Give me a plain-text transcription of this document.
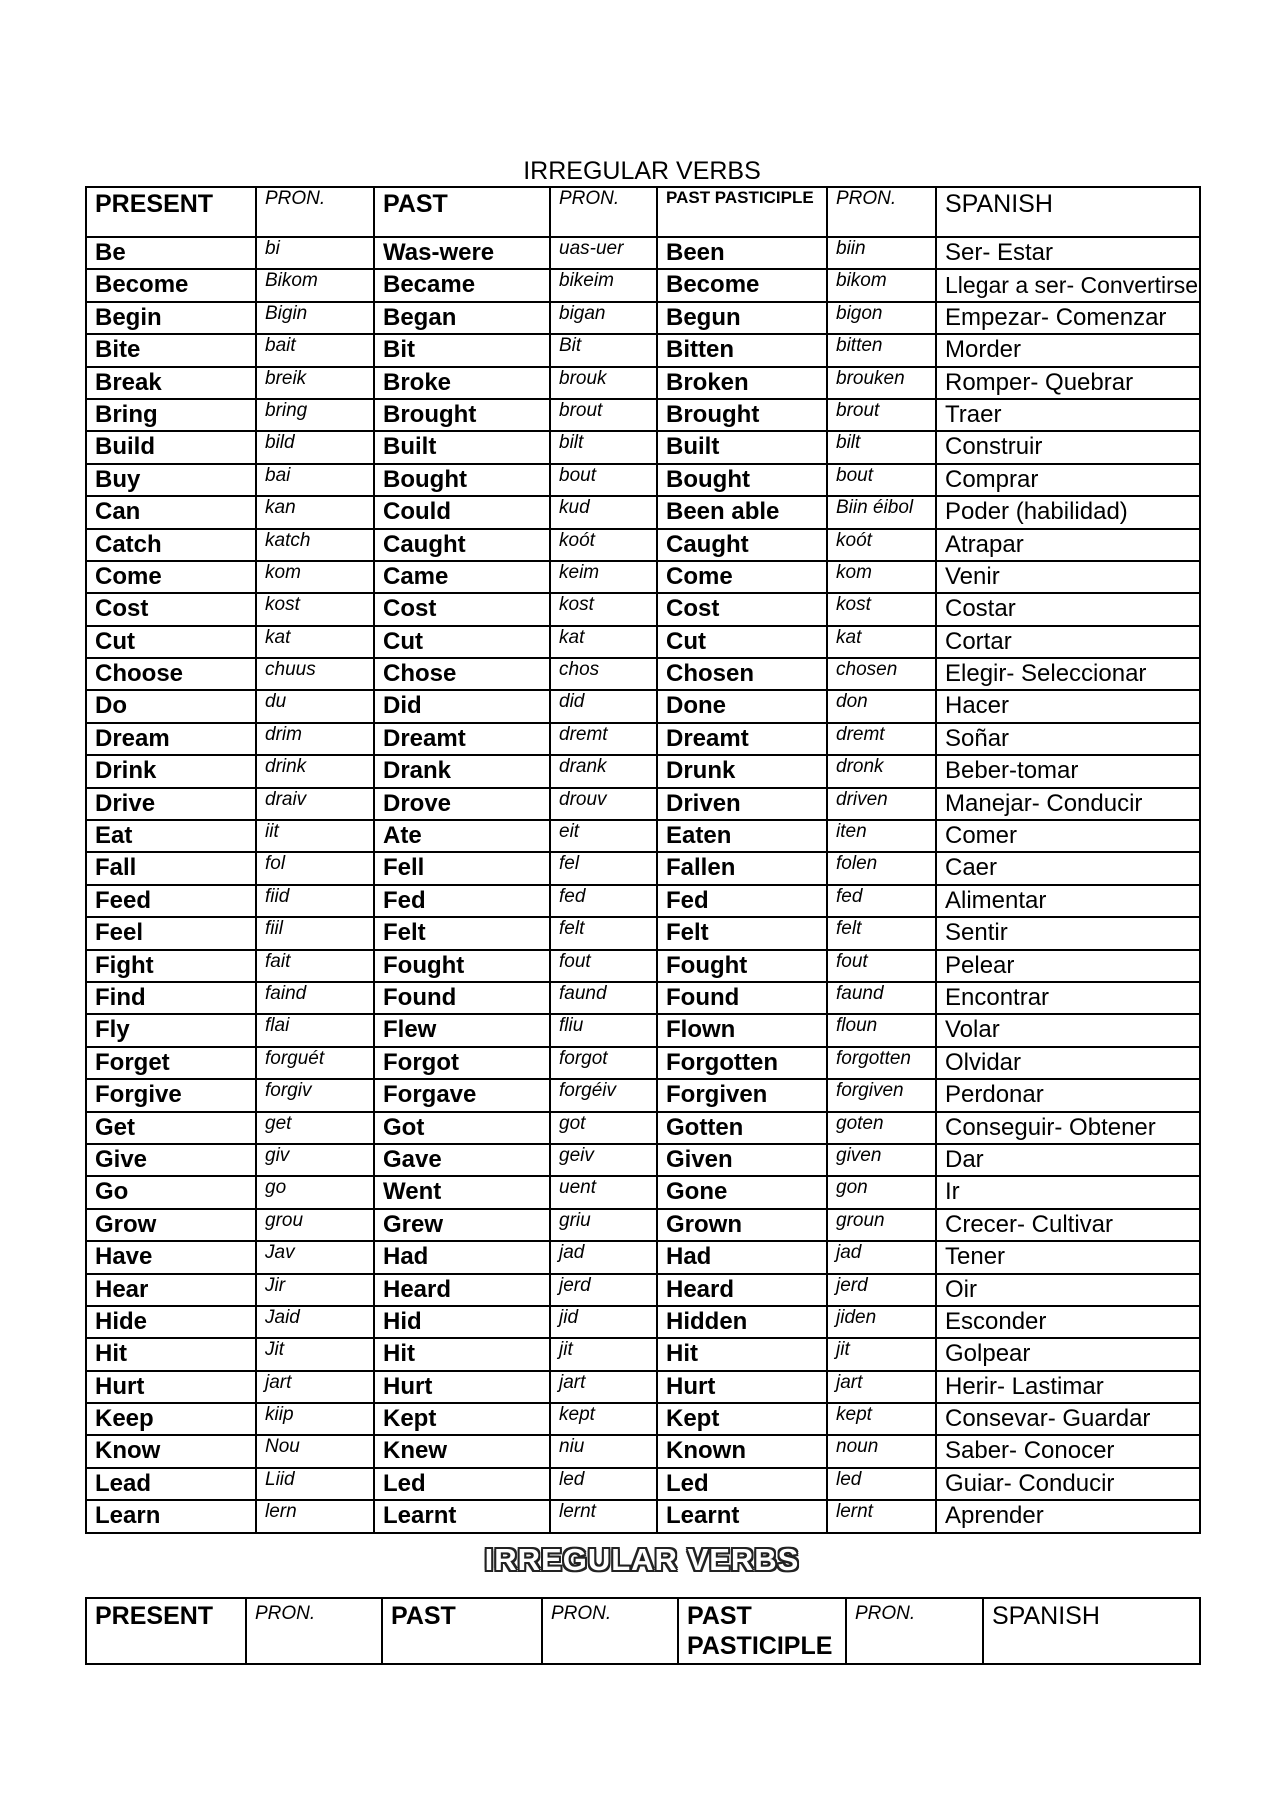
IRREGULAR VERBS
PRESENT	PRON.	PAST	PRON.	PAST PASTICIPLE	PRON.	SPANISH
Be	bi	Was-were	uas-uer	Been	biin	Ser- Estar
Become	Bikom	Became	bikeim	Become	bikom	Llegar a ser- Convertirse
Begin	Bigin	Began	bigan	Begun	bigon	Empezar- Comenzar
Bite	bait	Bit	Bit	Bitten	bitten	Morder
Break	breik	Broke	brouk	Broken	brouken	Romper- Quebrar
Bring	bring	Brought	brout	Brought	brout	Traer
Build	bild	Built	bilt	Built	bilt	Construir
Buy	bai	Bought	bout	Bought	bout	Comprar
Can	kan	Could	kud	Been able	Biin éibol	Poder (habilidad)
Catch	katch	Caught	koót	Caught	koót	Atrapar
Come	kom	Came	keim	Come	kom	Venir
Cost	kost	Cost	kost	Cost	kost	Costar
Cut	kat	Cut	kat	Cut	kat	Cortar
Choose	chuus	Chose	chos	Chosen	chosen	Elegir- Seleccionar
Do	du	Did	did	Done	don	Hacer
Dream	drim	Dreamt	dremt	Dreamt	dremt	Soñar
Drink	drink	Drank	drank	Drunk	dronk	Beber-tomar
Drive	draiv	Drove	drouv	Driven	driven	Manejar- Conducir
Eat	iit	Ate	eit	Eaten	iten	Comer
Fall	fol	Fell	fel	Fallen	folen	Caer
Feed	fiid	Fed	fed	Fed	fed	Alimentar
Feel	fiil	Felt	felt	Felt	felt	Sentir
Fight	fait	Fought	fout	Fought	fout	Pelear
Find	faind	Found	faund	Found	faund	Encontrar
Fly	flai	Flew	fliu	Flown	floun	Volar
Forget	forguét	Forgot	forgot	Forgotten	forgotten	Olvidar
Forgive	forgiv	Forgave	forgéiv	Forgiven	forgiven	Perdonar
Get	get	Got	got	Gotten	goten	Conseguir- Obtener
Give	giv	Gave	geiv	Given	given	Dar
Go	go	Went	uent	Gone	gon	Ir
Grow	grou	Grew	griu	Grown	groun	Crecer- Cultivar
Have	Jav	Had	jad	Had	jad	Tener
Hear	Jir	Heard	jerd	Heard	jerd	Oir
Hide	Jaid	Hid	jid	Hidden	jiden	Esconder
Hit	Jit	Hit	jit	Hit	jit	Golpear
Hurt	jart	Hurt	jart	Hurt	jart	Herir- Lastimar
Keep	kiip	Kept	kept	Kept	kept	Consevar- Guardar
Know	Nou	Knew	niu	Known	noun	Saber- Conocer
Lead	Liid	Led	led	Led	led	Guiar- Conducir
Learn	lern	Learnt	lernt	Learnt	lernt	Aprender
IRREGULAR VERBS
PRESENT	PRON.	PAST	PRON.	PAST PASTICIPLE	PRON.	SPANISH
